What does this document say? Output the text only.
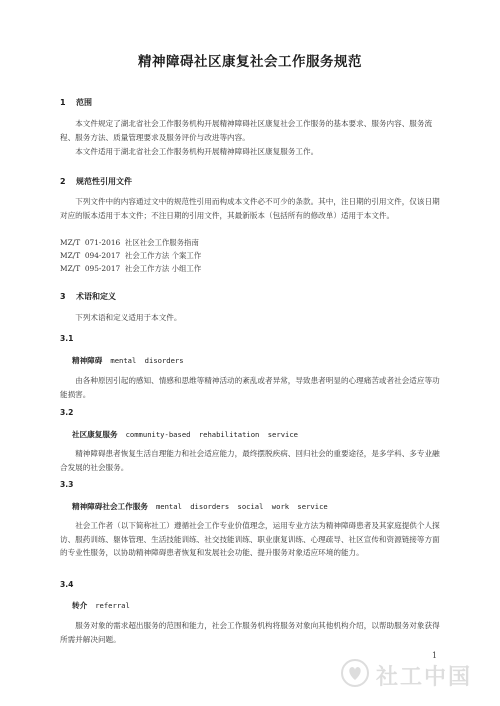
精神障碍社区康复社会工作服务规范
1 范围
本文件规定了湖北省社会工作服务机构开展精神障碍社区康复社会工作服务的基本要求、服务内容、服务流程、服务方法、质量管理要求及服务评价与改进等内容。
本文件适用于湖北省社会工作服务机构开展精神障碍社区康复服务工作。
2 规范性引用文件
下列文件中的内容通过文中的规范性引用而构成本文件必不可少的条款。其中，注日期的引用文件，仅该日期对应的版本适用于本文件；不注日期的引用文件，其最新版本（包括所有的修改单）适用于本文件。
MZ/T  071-2016  社区社会工作服务指南
MZ/T  094-2017  社会工作方法 个案工作
MZ/T  095-2017  社会工作方法 小组工作
3 术语和定义
下列术语和定义适用于本文件。
3.1
精神障碍 mental disorders
由各种原因引起的感知、情感和思维等精神活动的紊乱或者异常，导致患者明显的心理痛苦或者社会适应等功能损害。
3.2
社区康复服务 community-based rehabilitation service
精神障碍患者恢复生活自理能力和社会适应能力，最终摆脱疾病、回归社会的重要途径，是多学科、多专业融合发展的社会服务。
3.3
精神障碍社会工作服务 mental disorders social work service
社会工作者（以下简称社工）遵循社会工作专业价值理念，运用专业方法为精神障碍患者及其家庭提供个人探访、服药训练、躯体管理、生活技能训练、社交技能训练、职业康复训练、心理疏导、社区宣传和资源链接等方面的专业性服务，以协助精神障碍患者恢复和发展社会功能、提升服务对象适应环境的能力。
3.4
转介 referral
服务对象的需求超出服务的范围和能力，社会工作服务机构将服务对象向其他机构介绍，以帮助服务对象获得所需并解决问题。
1
社工中国
